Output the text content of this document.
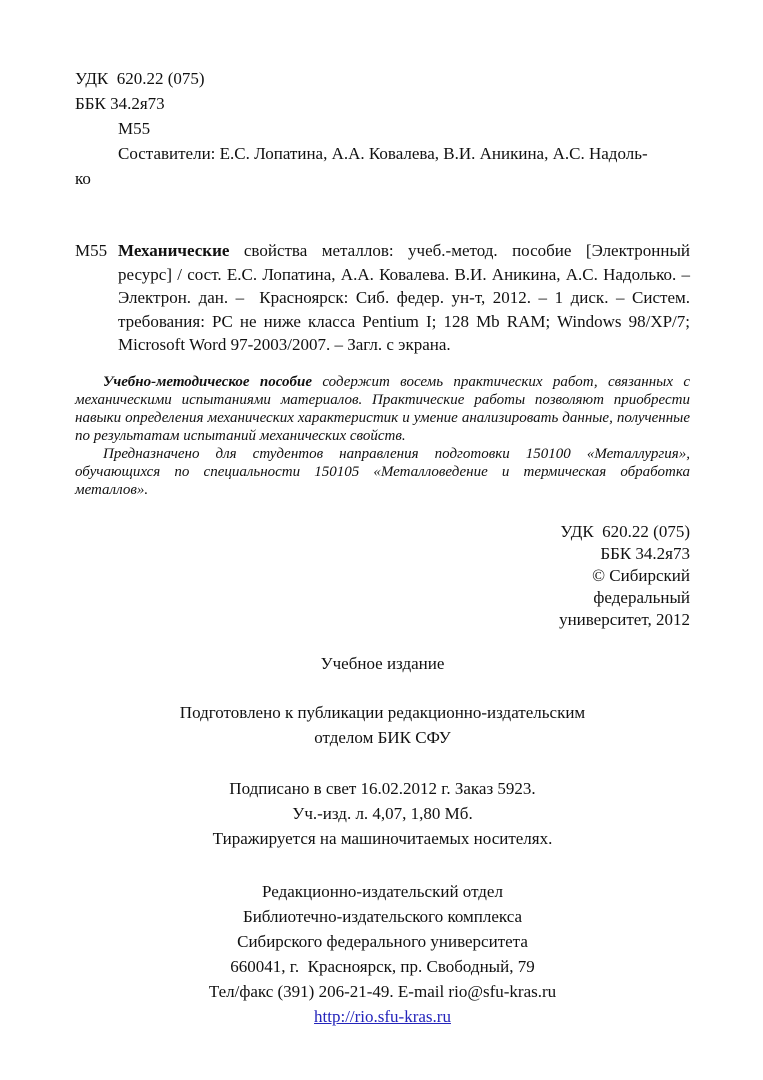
УДК  620.22 (075)
ББК 34.2я73
М55

Составители: Е.С. Лопатина, А.А. Ковалева, В.И. Аникина, А.С. Надоль-
ко

М55 Механические свойства металлов: учеб.-метод. пособие [Электронный ресурс] / сост. Е.С. Лопатина, А.А. Ковалева. В.И. Аникина, А.С. Надолько. – Электрон. дан. –  Красноярск: Сиб. федер. ун-т, 2012. – 1 диск. – Систем. требования: PC не ниже класса Pentium I; 128 Mb RAM; Windows 98/ХР/7; Microsoft Word 97-2003/2007. – Загл. с экрана.

Учебно-методическое пособие содержит восемь практических работ, связанных с механическими испытаниями материалов. Практические работы позволяют приобрести навыки определения механических характеристик и умение анализировать данные, полученные по результатам испытаний механических свойств.

Предназначено для студентов направления подготовки 150100 «Металлургия», обучающихся по специальности 150105 «Металловедение и термическая обработка металлов».

УДК  620.22 (075)
ББК 34.2я73
© Сибирский
федеральный
университет, 2012
Учебное издание
Подготовлено к публикации редакционно-издательским
отделом БИК СФУ
Подписано в свет 16.02.2012 г. Заказ 5923.
Уч.-изд. л. 4,07, 1,80 Мб.
Тиражируется на машиночитаемых носителях.
Редакционно-издательский отдел
Библиотечно-издательского комплекса
Сибирского федерального университета
660041, г.  Красноярск, пр. Свободный, 79
Тел/факс (391) 206-21-49. E-mail rio@sfu-kras.ru
http://rio.sfu-kras.ru
